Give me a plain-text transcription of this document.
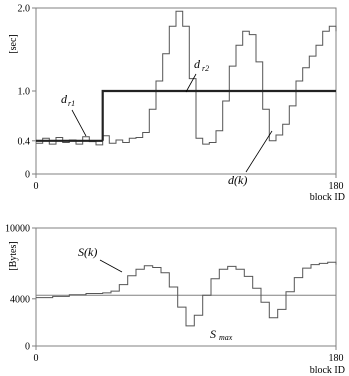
[sec]
block ID
0
0.4
1.0
2.0
0	180
d r1
d r2
d(k)
[Bytes]
block ID
0
4000
10000
0	180
S(k)
S max
